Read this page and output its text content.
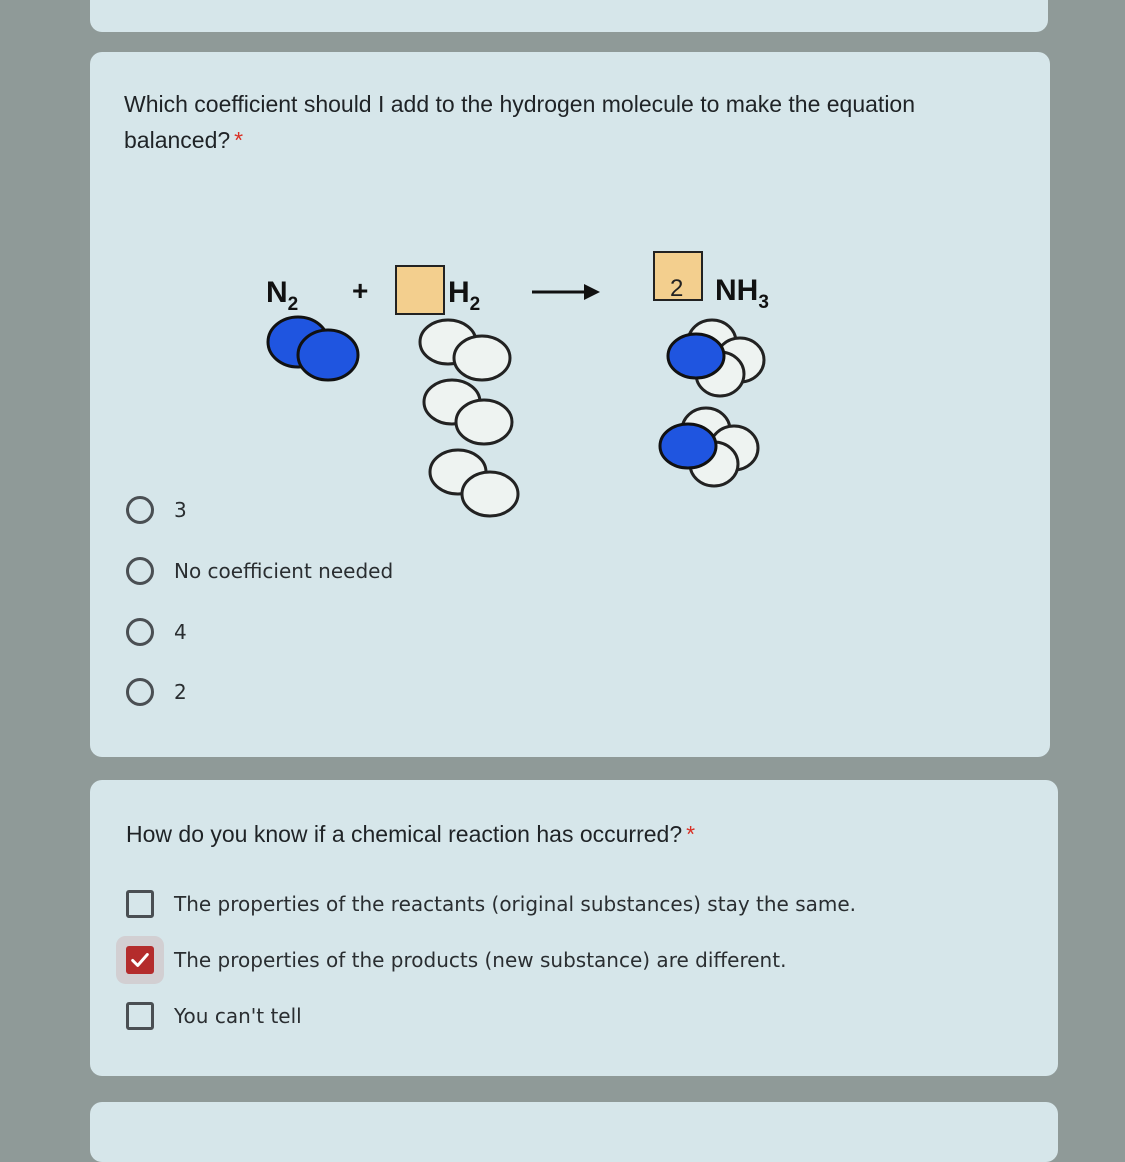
Which coefficient should I add to the hydrogen molecule to make the equation balanced? *
$N_2$ +	$H_2$
2 $NH_3$
3
No coefficient needed
4
2
How do you know if a chemical reaction has occurred? *
The properties of the reactants (original substances) stay the same.
The properties of the products (new substance) are different.
You can't tell
